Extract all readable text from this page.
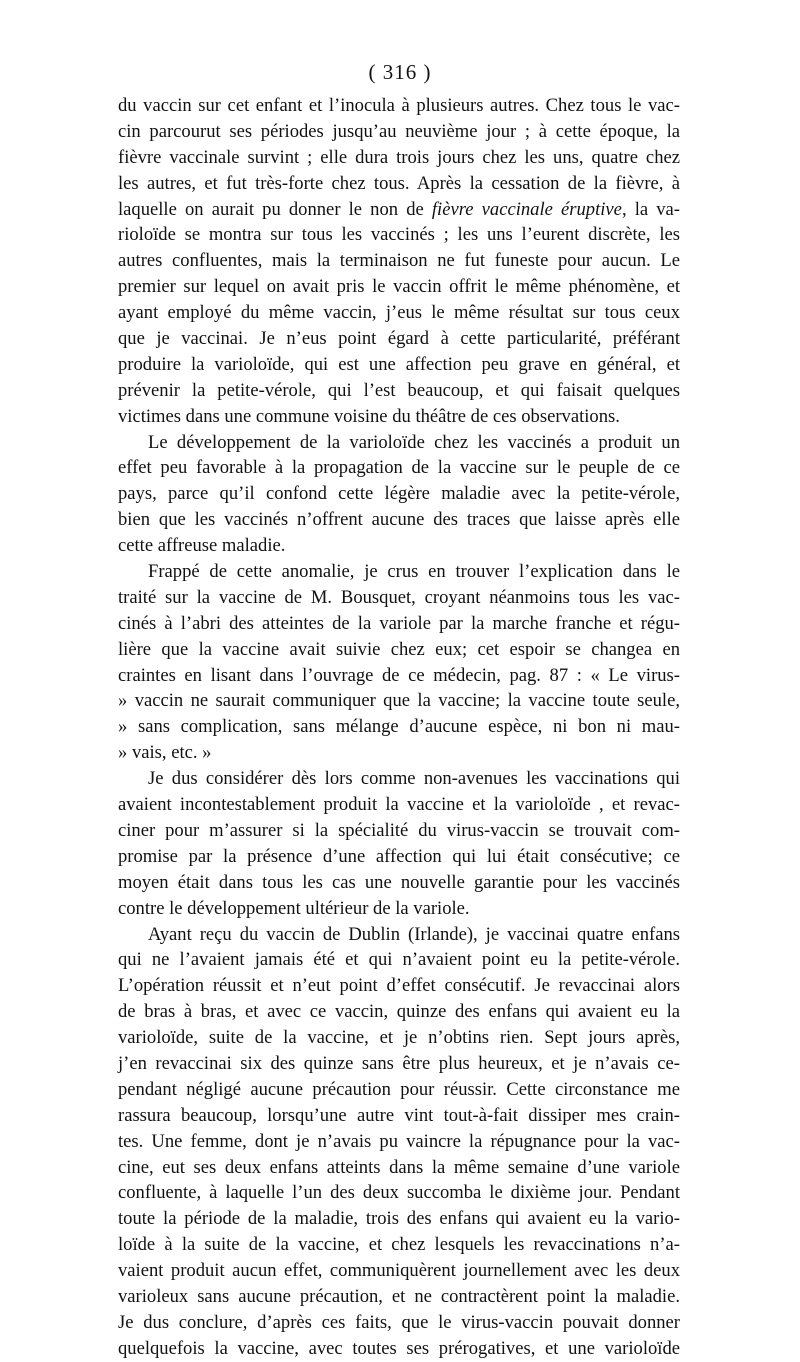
( 316 )
du vaccin sur cet enfant et l’inocula à plusieurs autres. Chez tous le vac-
cin parcourut ses périodes jusqu’au neuvième jour ; à cette époque, la
fièvre vaccinale survint ; elle dura trois jours chez les uns, quatre chez
les autres, et fut très-forte chez tous. Après la cessation de la fièvre, à
laquelle on aurait pu donner le non de fièvre vaccinale éruptive, la va-
rioloïde se montra sur tous les vaccinés ; les uns l’eurent discrète, les
autres confluentes, mais la terminaison ne fut funeste pour aucun. Le
premier sur lequel on avait pris le vaccin offrit le même phénomène, et
ayant employé du même vaccin, j’eus le même résultat sur tous ceux
que je vaccinai. Je n’eus point égard à cette particularité, préférant
produire la varioloïde, qui est une affection peu grave en général, et
prévenir la petite-vérole, qui l’est beaucoup, et qui faisait quelques
victimes dans une commune voisine du théâtre de ces observations.
Le développement de la varioloïde chez les vaccinés a produit un
effet peu favorable à la propagation de la vaccine sur le peuple de ce
pays, parce qu’il confond cette légère maladie avec la petite-vérole,
bien que les vaccinés n’offrent aucune des traces que laisse après elle
cette affreuse maladie.
Frappé de cette anomalie, je crus en trouver l’explication dans le
traité sur la vaccine de M. Bousquet, croyant néanmoins tous les vac-
cinés à l’abri des atteintes de la variole par la marche franche et régu-
lière que la vaccine avait suivie chez eux; cet espoir se changea en
craintes en lisant dans l’ouvrage de ce médecin, pag. 87 : « Le virus-
» vaccin ne saurait communiquer que la vaccine; la vaccine toute seule,
» sans complication, sans mélange d’aucune espèce, ni bon ni mau-
» vais, etc. »
Je dus considérer dès lors comme non-avenues les vaccinations qui
avaient incontestablement produit la vaccine et la varioloïde , et revac-
ciner pour m’assurer si la spécialité du virus-vaccin se trouvait com-
promise par la présence d’une affection qui lui était consécutive; ce
moyen était dans tous les cas une nouvelle garantie pour les vaccinés
contre le développement ultérieur de la variole.
Ayant reçu du vaccin de Dublin (Irlande), je vaccinai quatre enfans
qui ne l’avaient jamais été et qui n’avaient point eu la petite-vérole.
L’opération réussit et n’eut point d’effet consécutif. Je revaccinai alors
de bras à bras, et avec ce vaccin, quinze des enfans qui avaient eu la
varioloïde, suite de la vaccine, et je n’obtins rien. Sept jours après,
j’en revaccinai six des quinze sans être plus heureux, et je n’avais ce-
pendant négligé aucune précaution pour réussir. Cette circonstance me
rassura beaucoup, lorsqu’une autre vint tout-à-fait dissiper mes crain-
tes. Une femme, dont je n’avais pu vaincre la répugnance pour la vac-
cine, eut ses deux enfans atteints dans la même semaine d’une variole
confluente, à laquelle l’un des deux succomba le dixième jour. Pendant
toute la période de la maladie, trois des enfans qui avaient eu la vario-
loïde à la suite de la vaccine, et chez lesquels les revaccinations n’a-
vaient produit aucun effet, communiquèrent journellement avec les deux
varioleux sans aucune précaution, et ne contractèrent point la maladie.
Je dus conclure, d’après ces faits, que le virus-vaccin pouvait donner
quelquefois la vaccine, avec toutes ses prérogatives, et une varioloïde
